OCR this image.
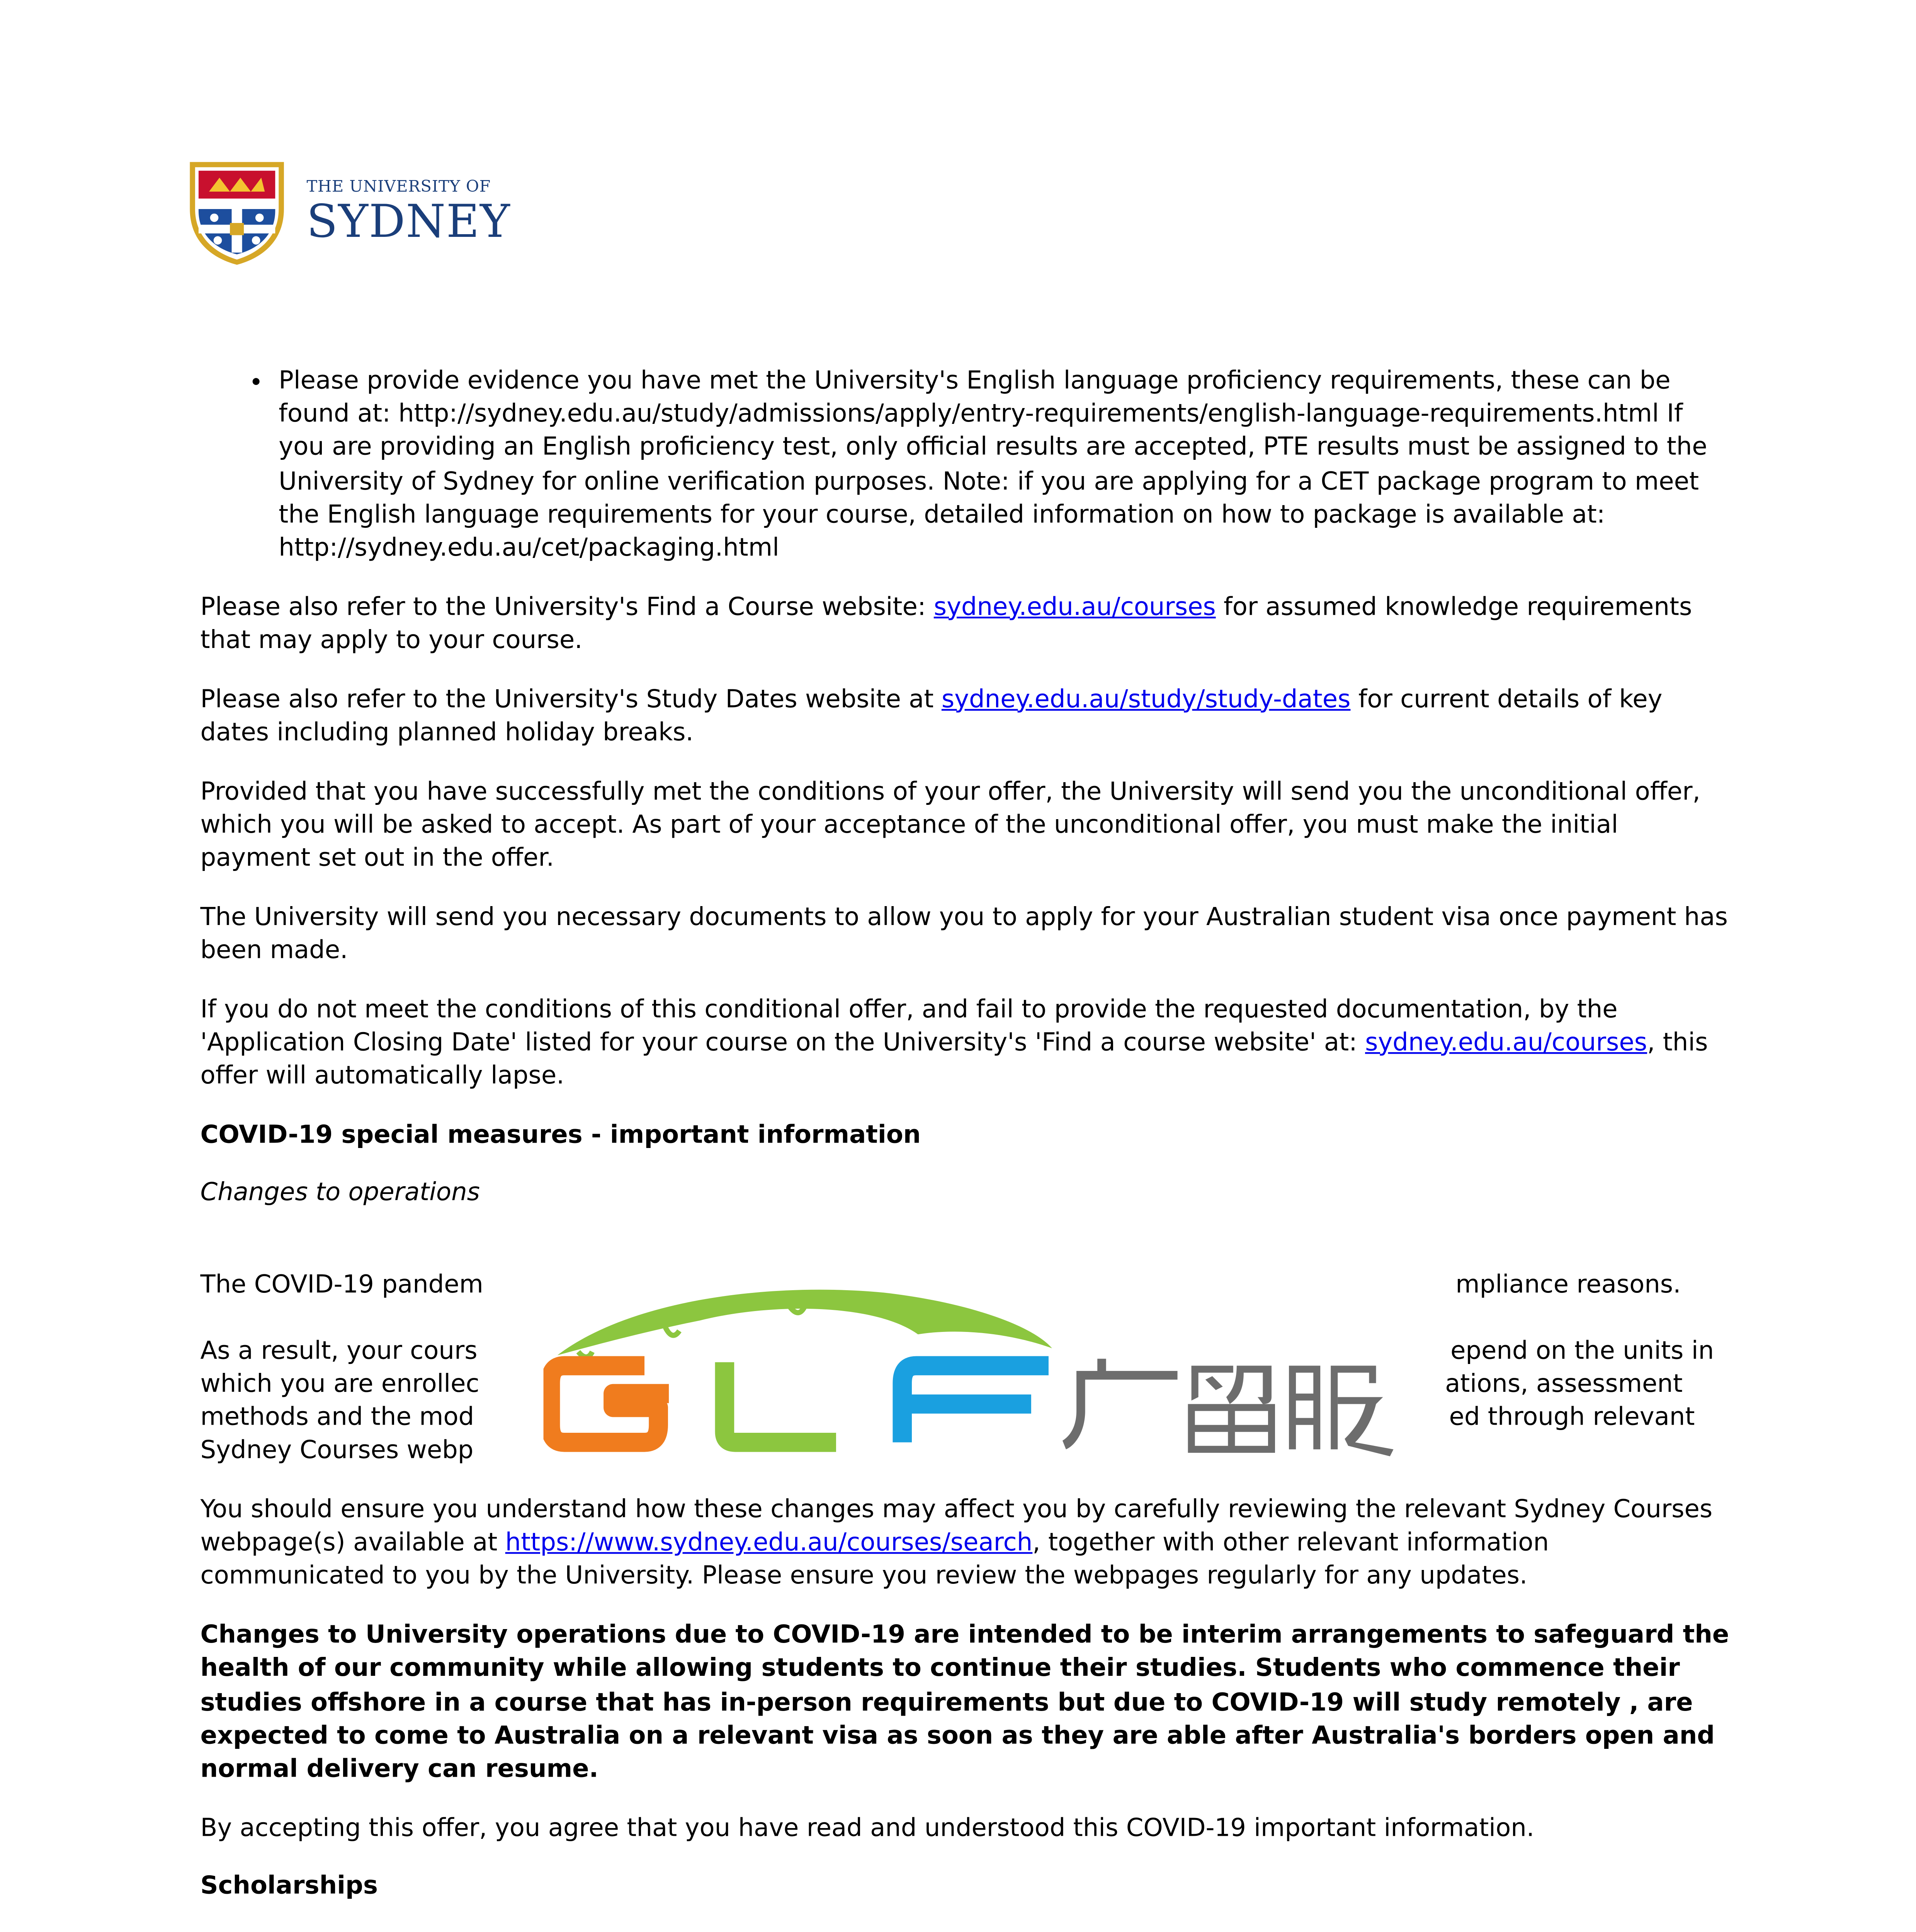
THE UNIVERSITY OF
SYDNEY
• Please provide evidence you have met the University's English language proficiency requirements, these can be found at: http://sydney.edu.au/study/admissions/apply/entry-requirements/english-language-requirements.html If you are providing an English proficiency test, only official results are accepted, PTE results must be assigned to the University of Sydney for online verification purposes. Note: if you are applying for a CET package program to meet the English language requirements for your course, detailed information on how to package is available at: http://sydney.edu.au/cet/packaging.html

Please also refer to the University's Find a Course website: sydney.edu.au/courses for assumed knowledge requirements that may apply to your course.

Please also refer to the University's Study Dates website at sydney.edu.au/study/study-dates for current details of key dates including planned holiday breaks.

Provided that you have successfully met the conditions of your offer, the University will send you the unconditional offer, which you will be asked to accept. As part of your acceptance of the unconditional offer, you must make the initial payment set out in the offer.

The University will send you necessary documents to allow you to apply for your Australian student visa once payment has been made.

If you do not meet the conditions of this conditional offer, and fail to provide the requested documentation, by the 'Application Closing Date' listed for your course on the University's 'Find a course website' at: sydney.edu.au/courses, this offer will automatically lapse.

COVID-19 special measures - important information

Changes to operations

The COVID-19 pandem	mpliance reasons.

As a result, your cours	epend on the units in
which you are enrollec	ations, assessment
methods and the mod	ed through relevant
Sydney Courses webp

You should ensure you understand how these changes may affect you by carefully reviewing the relevant Sydney Courses webpage(s) available at https://www.sydney.edu.au/courses/search, together with other relevant information communicated to you by the University. Please ensure you review the webpages regularly for any updates.

Changes to University operations due to COVID-19 are intended to be interim arrangements to safeguard the health of our community while allowing students to continue their studies. Students who commence their studies offshore in a course that has in-person requirements but due to COVID-19 will study remotely , are expected to come to Australia on a relevant visa as soon as they are able after Australia's borders open and normal delivery can resume.

By accepting this offer, you agree that you have read and understood this COVID-19 important information.

Scholarships
